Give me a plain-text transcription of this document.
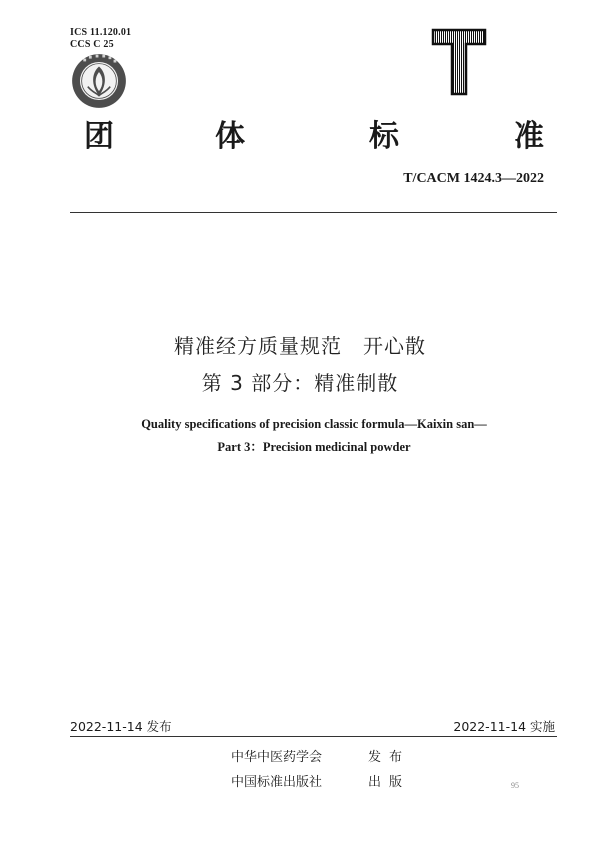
ICS 11.120.01
CCS C 25
团	体	标	准
T/CACM 1424.3—2022
精准经方质量规范　开心散
第 3 部分：精准制散
Quality specifications of precision classic formula—Kaixin san—
Part 3：Precision medicinal powder
2022-11-14 发布	2022-11-14 实施
中华中医药学会	发布
中国标准出版社	出版	95
